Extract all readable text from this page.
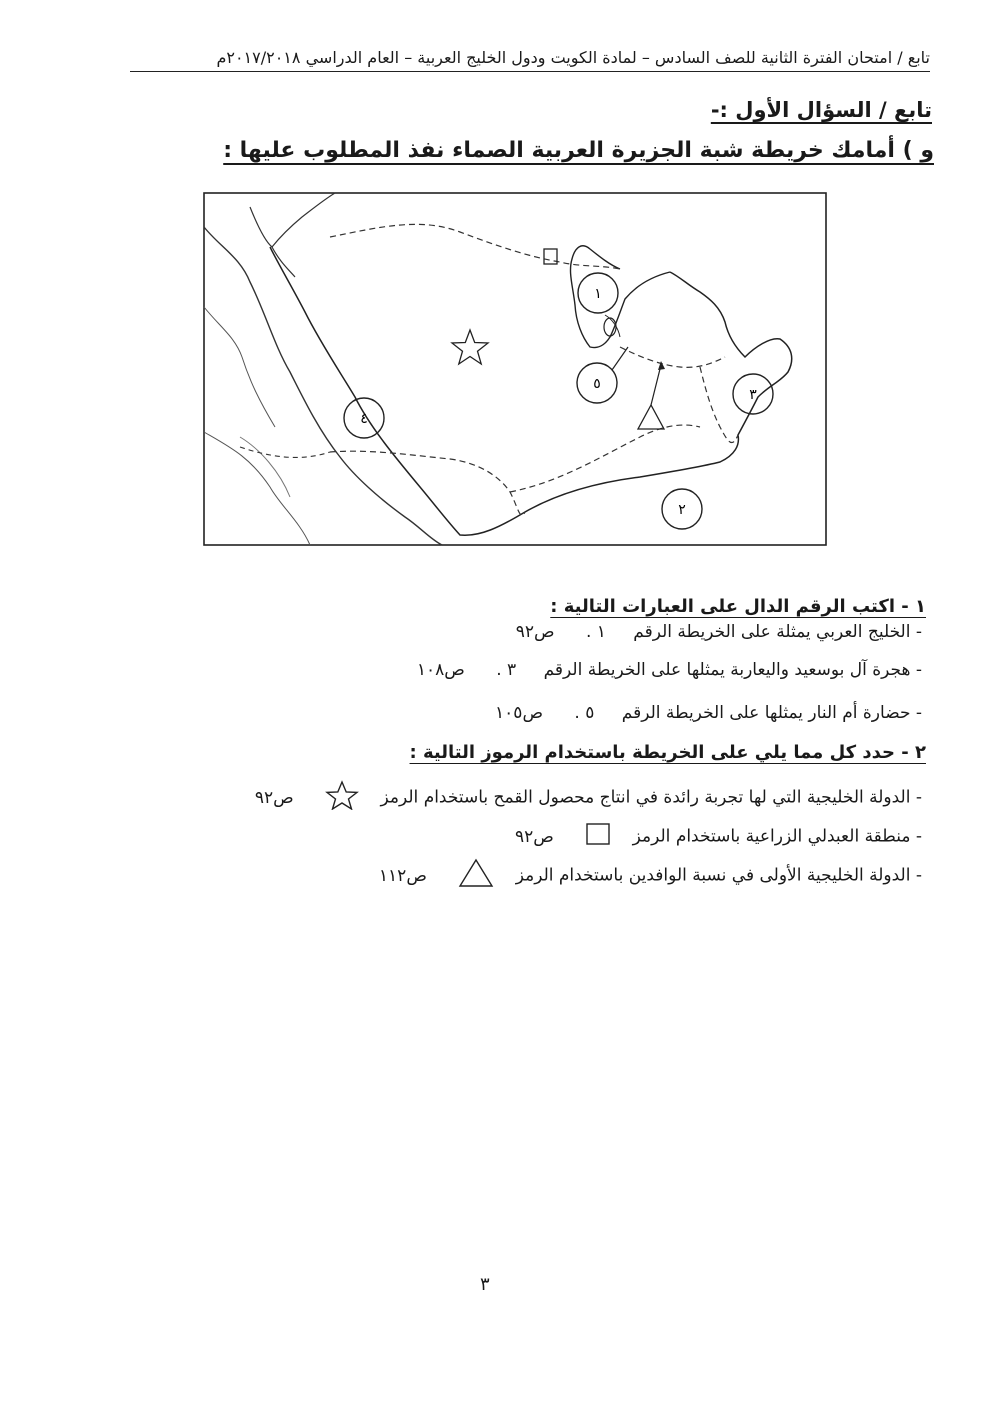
تابع / امتحان الفترة الثانية للصف السادس – لمادة الكويت ودول الخليج العربية – العام الدراسي ٢٠١٧/٢٠١٨م
تابع / السؤال الأول :-
و ) أمامك خريطة شبة الجزيرة العربية الصماء نفذ المطلوب عليها :
١
٢
٣
٤
٥
١ - اكتب الرقم الدال على العبارات التالية :
- الخليج العربي يمثلة على الخريطة الرقم ١ . ص٩٢
- هجرة آل بوسعيد واليعاربة يمثلها على الخريطة الرقم ٣ . ص١٠٨
- حضارة أم النار يمثلها على الخريطة الرقم ٥ . ص١٠٥
٢ - حدد كل مما يلي على الخريطة باستخدام الرموز التالية :
- الدولة الخليجية التي لها تجربة رائدة في انتاج محصول القمح باستخدام الرمز  ص٩٢
- منطقة العبدلي الزراعية باستخدام الرمز  ص٩٢
- الدولة الخليجية الأولى في نسبة الوافدين باستخدام الرمز  ص١١٢
٣
